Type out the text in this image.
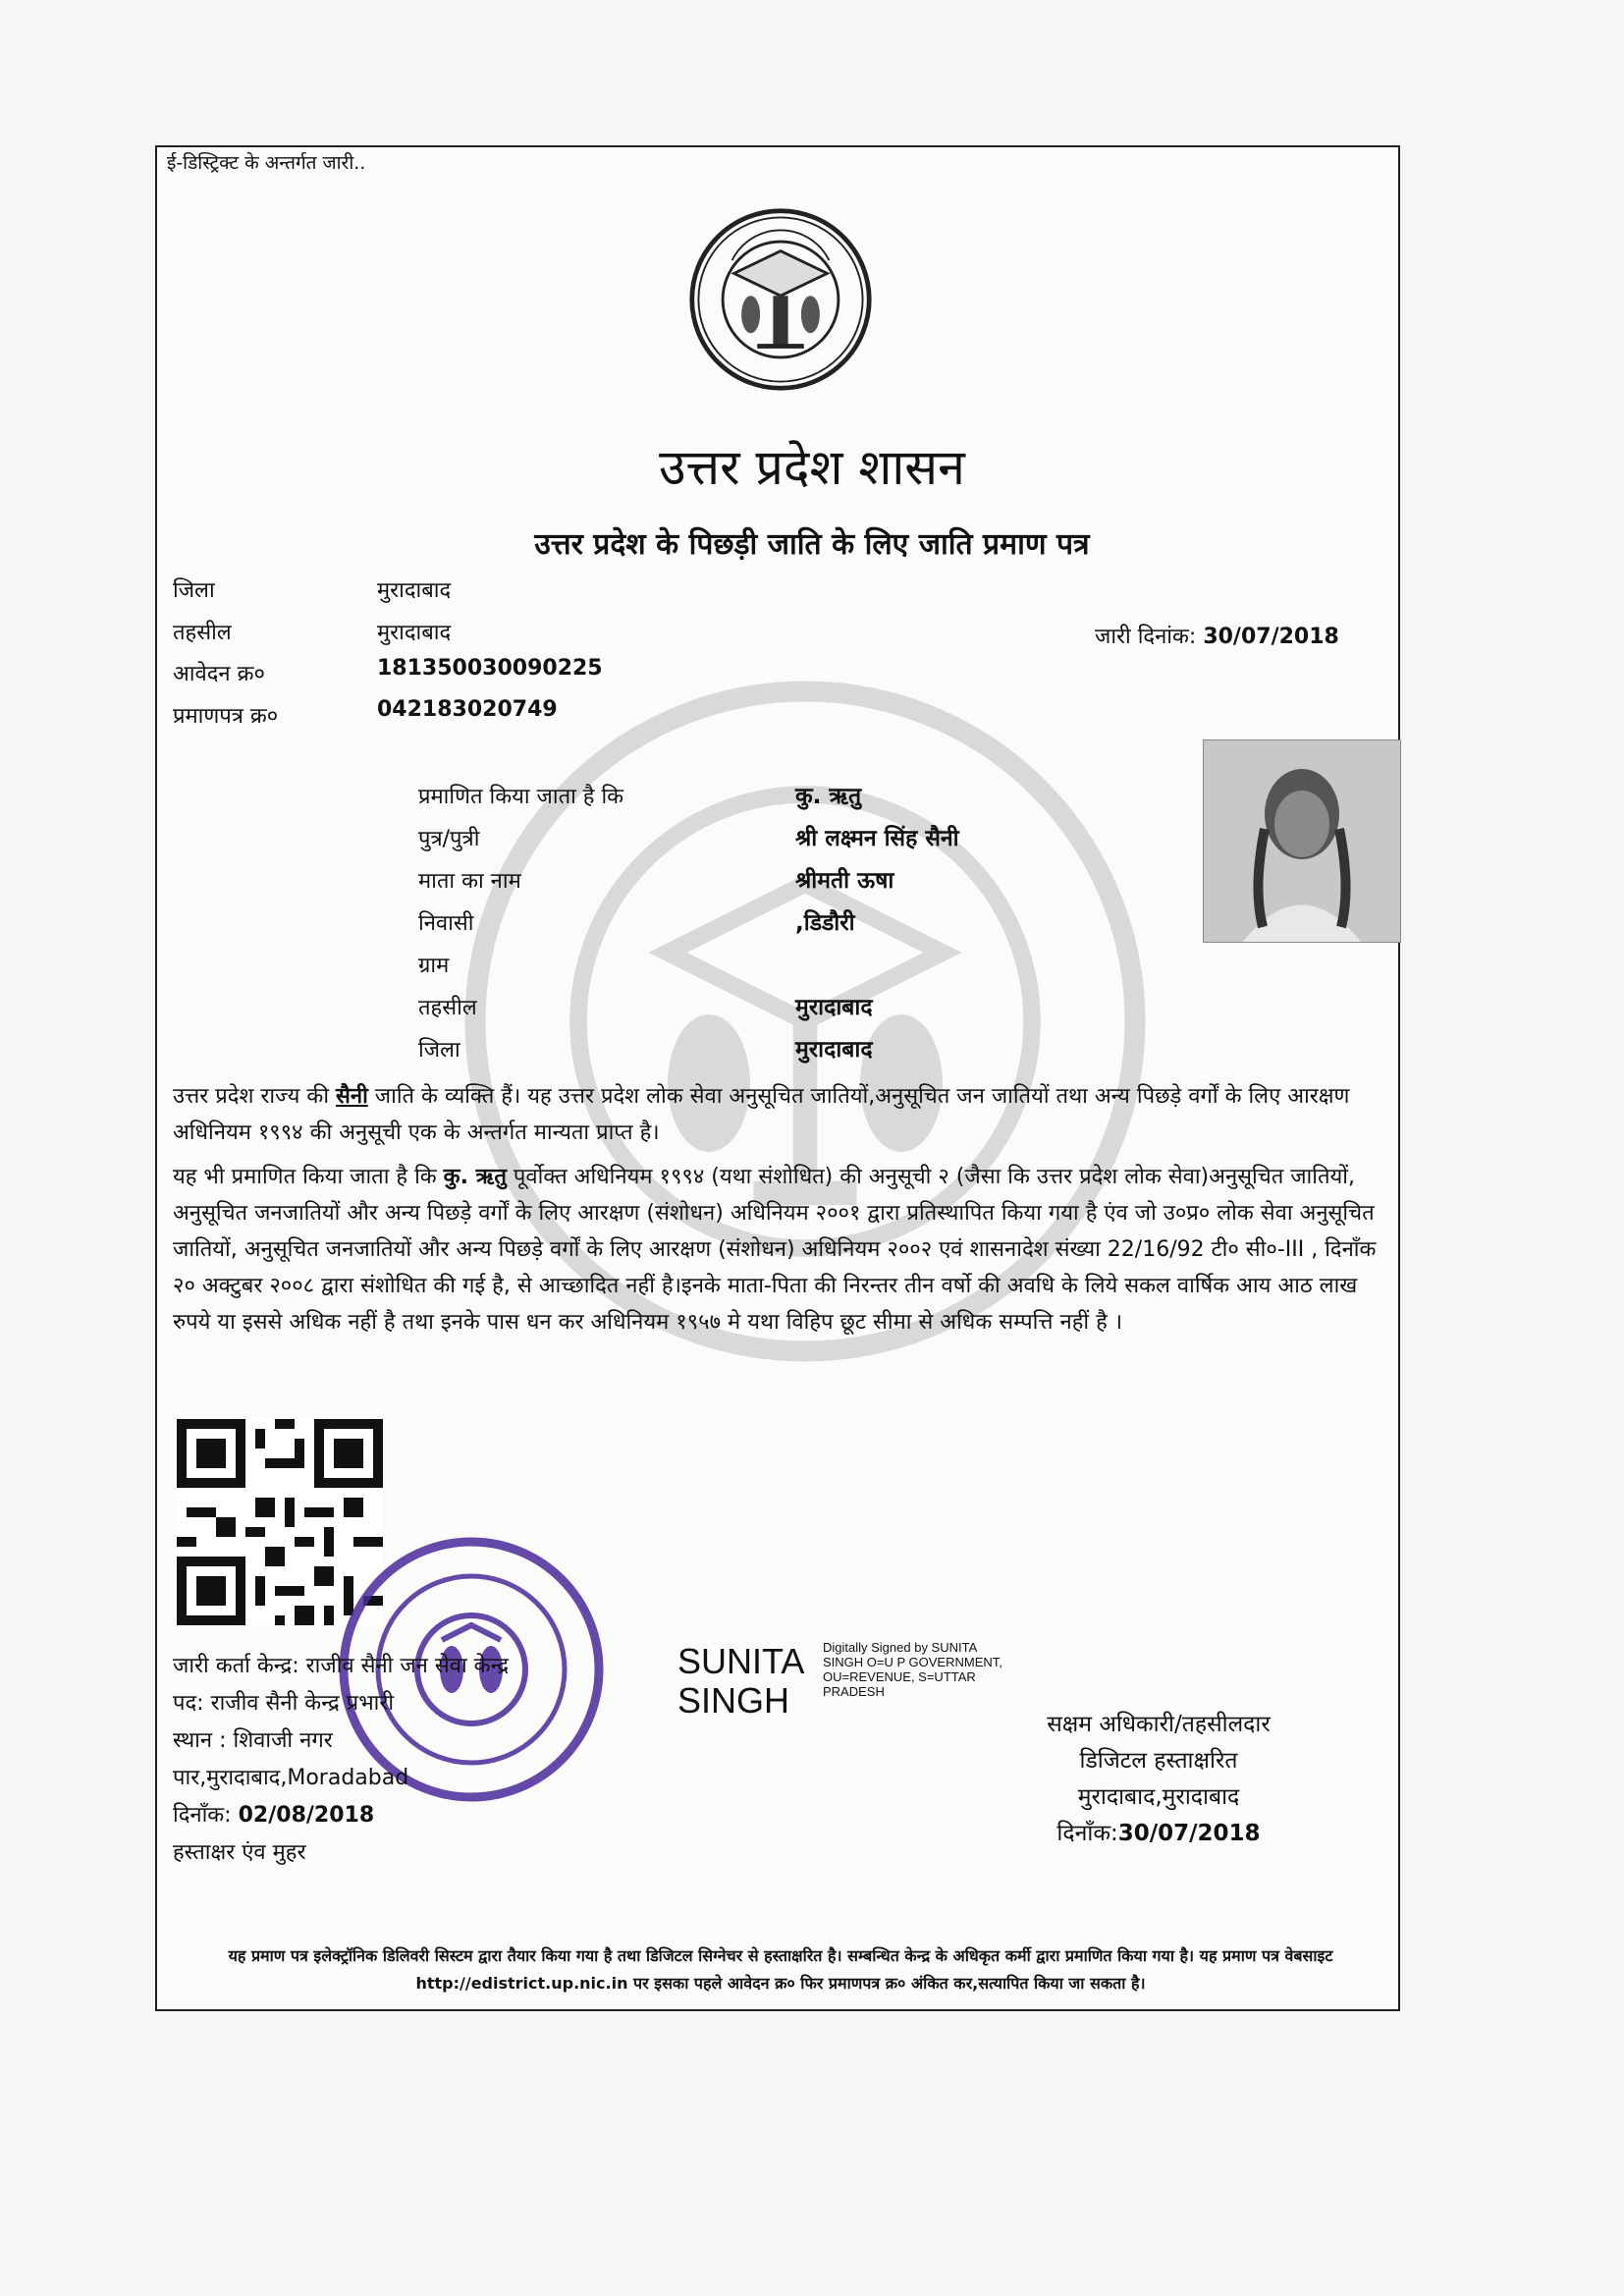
ई-डिस्ट्रिक्ट के अन्तर्गत जारी..
उत्तर प्रदेश शासन
उत्तर प्रदेश के पिछड़ी जाति के लिए जाति प्रमाण पत्र
जिला	मुरादाबाद
तहसील	मुरादाबाद
आवेदन क्र०	181350030090225
प्रमाणपत्र क्र०	042183020749
जारी दिनांक: 30/07/2018
प्रमाणित किया जाता है कि	कु. ऋतु
पुत्र/पुत्री	श्री लक्ष्मन सिंह सैनी
माता का नाम	श्रीमती ऊषा
निवासी	,डिडौरी
ग्राम
तहसील	मुरादाबाद
जिला	मुरादाबाद
उत्तर प्रदेश राज्य की सैनी जाति के व्यक्ति हैं। यह उत्तर प्रदेश लोक सेवा अनुसूचित जातियों,अनुसूचित जन जातियों तथा अन्य पिछड़े वर्गों के लिए आरक्षण अधिनियम १९९४ की अनुसूची एक के अन्तर्गत मान्यता प्राप्त है।
यह भी प्रमाणित किया जाता है कि कु. ऋतु पूर्वोक्त अधिनियम १९९४ (यथा संशोधित) की अनुसूची २ (जैसा कि उत्तर प्रदेश लोक सेवा)अनुसूचित जातियों, अनुसूचित जनजातियों और अन्य पिछड़े वर्गों के लिए आरक्षण (संशोधन) अधिनियम २००१ द्वारा प्रतिस्थापित किया गया है एंव जो उ०प्र० लोक सेवा अनुसूचित जातियों, अनुसूचित जनजातियों और अन्य पिछड़े वर्गों के लिए आरक्षण (संशोधन) अधिनियम २००२ एवं शासनादेश संख्या 22/16/92 टी० सी०-III , दिनाँक २० अक्टुबर २००८ द्वारा संशोधित की गई है, से आच्छादित नहीं है।इनके माता-पिता की निरन्तर तीन वर्षो की अवधि के लिये सकल वार्षिक आय आठ लाख रुपये या इससे अधिक नहीं है तथा इनके पास धन कर अधिनियम १९५७ मे यथा विहिप छूट सीमा से अधिक सम्पत्ति नहीं है ।
जारी कर्ता केन्द्र: राजीव सैनी जन सेवा केन्द्र
पद: राजीव सैनी केन्द्र प्रभारी
स्थान : शिवाजी नगर
पार,मुरादाबाद,Moradabad
दिनाँक: 02/08/2018
हस्ताक्षर एंव मुहर
SUNITA
SINGH
Digitally Signed by SUNITA SINGH O=U P GOVERNMENT, OU=REVENUE, S=UTTAR PRADESH
सक्षम अधिकारी/तहसीलदार
डिजिटल हस्ताक्षरित
मुरादाबाद,मुरादाबाद
दिनाँक:30/07/2018
यह प्रमाण पत्र इलेक्ट्रॉनिक डिलिवरी सिस्टम द्वारा तैयार किया गया है तथा डिजिटल सिग्नेचर से हस्ताक्षरित है। सम्बन्धित केन्द्र के अधिकृत कर्मी द्वारा प्रमाणित किया गया है। यह प्रमाण पत्र वेबसाइट http://edistrict.up.nic.in पर इसका पहले आवेदन क्र० फिर प्रमाणपत्र क्र० अंकित कर,सत्यापित किया जा सकता है।
